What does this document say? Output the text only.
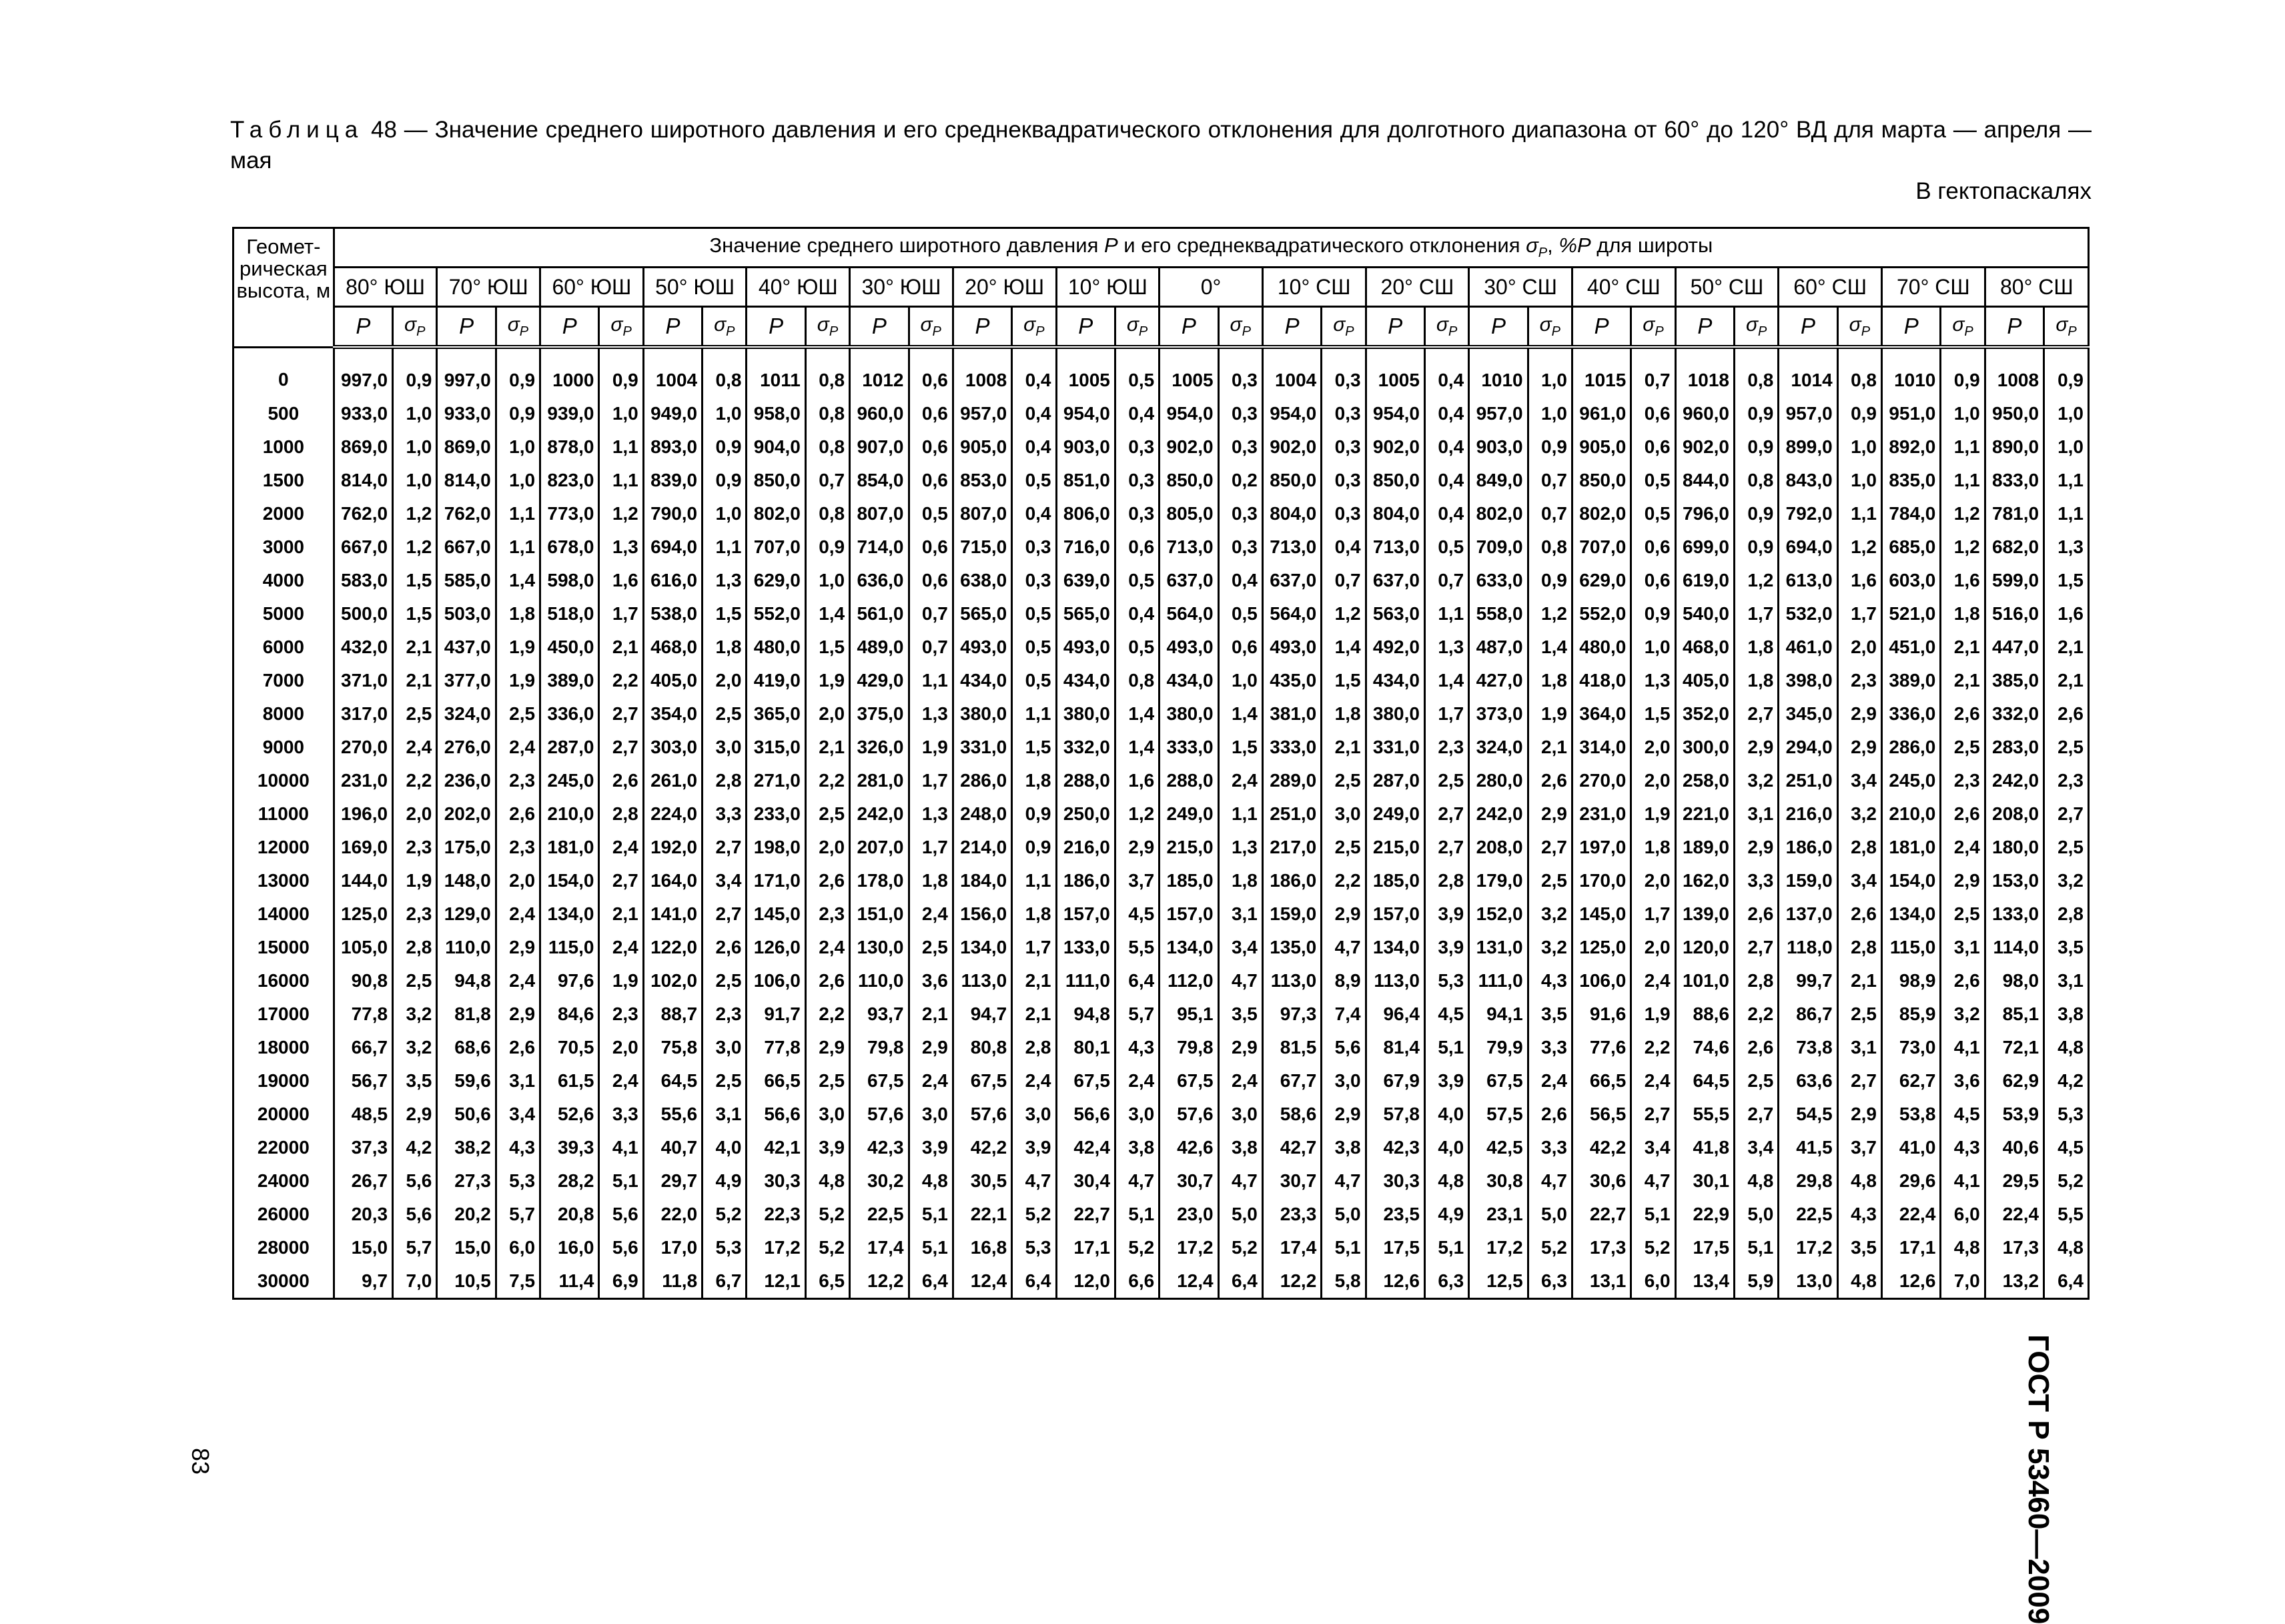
Таблица 48 — Значение среднего широтного давления и его среднеквадратического отклонения для долготного диапазона от 60° до 120° ВД для марта — апреля — мая
В гектопаскалях
Геомет-рическая высота, м	Значение среднего широтного давления P и его среднеквадратического отклонения $\sigma_P$, %P для широты																																	
	80° ЮШ		70° ЮШ		60° ЮШ		50° ЮШ		40° ЮШ		30° ЮШ		20° ЮШ		10° ЮШ		0°		10° СШ		20° СШ		30° СШ		40° СШ		50° СШ		60° СШ		70° СШ		80° СШ	
	P	$\sigma_P$	P	$\sigma_P$	P	$\sigma_P$	P	$\sigma_P$	P	$\sigma_P$	P	$\sigma_P$	P	$\sigma_P$	P	$\sigma_P$	P	$\sigma_P$	P	$\sigma_P$	P	$\sigma_P$	P	$\sigma_P$	P	$\sigma_P$	P	$\sigma_P$	P	$\sigma_P$	P	$\sigma_P$	P	$\sigma_P$
0	997,0	0,9	997,0	0,9	1000	0,9	1004	0,8	1011	0,8	1012	0,6	1008	0,4	1005	0,5	1005	0,3	1004	0,3	1005	0,4	1010	1,0	1015	0,7	1018	0,8	1014	0,8	1010	0,9	1008	0,9
500	933,0	1,0	933,0	0,9	939,0	1,0	949,0	1,0	958,0	0,8	960,0	0,6	957,0	0,4	954,0	0,4	954,0	0,3	954,0	0,3	954,0	0,4	957,0	1,0	961,0	0,6	960,0	0,9	957,0	0,9	951,0	1,0	950,0	1,0
1000	869,0	1,0	869,0	1,0	878,0	1,1	893,0	0,9	904,0	0,8	907,0	0,6	905,0	0,4	903,0	0,3	902,0	0,3	902,0	0,3	902,0	0,4	903,0	0,9	905,0	0,6	902,0	0,9	899,0	1,0	892,0	1,1	890,0	1,0
1500	814,0	1,0	814,0	1,0	823,0	1,1	839,0	0,9	850,0	0,7	854,0	0,6	853,0	0,5	851,0	0,3	850,0	0,2	850,0	0,3	850,0	0,4	849,0	0,7	850,0	0,5	844,0	0,8	843,0	1,0	835,0	1,1	833,0	1,1
2000	762,0	1,2	762,0	1,1	773,0	1,2	790,0	1,0	802,0	0,8	807,0	0,5	807,0	0,4	806,0	0,3	805,0	0,3	804,0	0,3	804,0	0,4	802,0	0,7	802,0	0,5	796,0	0,9	792,0	1,1	784,0	1,2	781,0	1,1
3000	667,0	1,2	667,0	1,1	678,0	1,3	694,0	1,1	707,0	0,9	714,0	0,6	715,0	0,3	716,0	0,6	713,0	0,3	713,0	0,4	713,0	0,5	709,0	0,8	707,0	0,6	699,0	0,9	694,0	1,2	685,0	1,2	682,0	1,3
4000	583,0	1,5	585,0	1,4	598,0	1,6	616,0	1,3	629,0	1,0	636,0	0,6	638,0	0,3	639,0	0,5	637,0	0,4	637,0	0,7	637,0	0,7	633,0	0,9	629,0	0,6	619,0	1,2	613,0	1,6	603,0	1,6	599,0	1,5
5000	500,0	1,5	503,0	1,8	518,0	1,7	538,0	1,5	552,0	1,4	561,0	0,7	565,0	0,5	565,0	0,4	564,0	0,5	564,0	1,2	563,0	1,1	558,0	1,2	552,0	0,9	540,0	1,7	532,0	1,7	521,0	1,8	516,0	1,6
6000	432,0	2,1	437,0	1,9	450,0	2,1	468,0	1,8	480,0	1,5	489,0	0,7	493,0	0,5	493,0	0,5	493,0	0,6	493,0	1,4	492,0	1,3	487,0	1,4	480,0	1,0	468,0	1,8	461,0	2,0	451,0	2,1	447,0	2,1
7000	371,0	2,1	377,0	1,9	389,0	2,2	405,0	2,0	419,0	1,9	429,0	1,1	434,0	0,5	434,0	0,8	434,0	1,0	435,0	1,5	434,0	1,4	427,0	1,8	418,0	1,3	405,0	1,8	398,0	2,3	389,0	2,1	385,0	2,1
8000	317,0	2,5	324,0	2,5	336,0	2,7	354,0	2,5	365,0	2,0	375,0	1,3	380,0	1,1	380,0	1,4	380,0	1,4	381,0	1,8	380,0	1,7	373,0	1,9	364,0	1,5	352,0	2,7	345,0	2,9	336,0	2,6	332,0	2,6
9000	270,0	2,4	276,0	2,4	287,0	2,7	303,0	3,0	315,0	2,1	326,0	1,9	331,0	1,5	332,0	1,4	333,0	1,5	333,0	2,1	331,0	2,3	324,0	2,1	314,0	2,0	300,0	2,9	294,0	2,9	286,0	2,5	283,0	2,5
10000	231,0	2,2	236,0	2,3	245,0	2,6	261,0	2,8	271,0	2,2	281,0	1,7	286,0	1,8	288,0	1,6	288,0	2,4	289,0	2,5	287,0	2,5	280,0	2,6	270,0	2,0	258,0	3,2	251,0	3,4	245,0	2,3	242,0	2,3
11000	196,0	2,0	202,0	2,6	210,0	2,8	224,0	3,3	233,0	2,5	242,0	1,3	248,0	0,9	250,0	1,2	249,0	1,1	251,0	3,0	249,0	2,7	242,0	2,9	231,0	1,9	221,0	3,1	216,0	3,2	210,0	2,6	208,0	2,7
12000	169,0	2,3	175,0	2,3	181,0	2,4	192,0	2,7	198,0	2,0	207,0	1,7	214,0	0,9	216,0	2,9	215,0	1,3	217,0	2,5	215,0	2,7	208,0	2,7	197,0	1,8	189,0	2,9	186,0	2,8	181,0	2,4	180,0	2,5
13000	144,0	1,9	148,0	2,0	154,0	2,7	164,0	3,4	171,0	2,6	178,0	1,8	184,0	1,1	186,0	3,7	185,0	1,8	186,0	2,2	185,0	2,8	179,0	2,5	170,0	2,0	162,0	3,3	159,0	3,4	154,0	2,9	153,0	3,2
14000	125,0	2,3	129,0	2,4	134,0	2,1	141,0	2,7	145,0	2,3	151,0	2,4	156,0	1,8	157,0	4,5	157,0	3,1	159,0	2,9	157,0	3,9	152,0	3,2	145,0	1,7	139,0	2,6	137,0	2,6	134,0	2,5	133,0	2,8
15000	105,0	2,8	110,0	2,9	115,0	2,4	122,0	2,6	126,0	2,4	130,0	2,5	134,0	1,7	133,0	5,5	134,0	3,4	135,0	4,7	134,0	3,9	131,0	3,2	125,0	2,0	120,0	2,7	118,0	2,8	115,0	3,1	114,0	3,5
16000	90,8	2,5	94,8	2,4	97,6	1,9	102,0	2,5	106,0	2,6	110,0	3,6	113,0	2,1	111,0	6,4	112,0	4,7	113,0	8,9	113,0	5,3	111,0	4,3	106,0	2,4	101,0	2,8	99,7	2,1	98,9	2,6	98,0	3,1
17000	77,8	3,2	81,8	2,9	84,6	2,3	88,7	2,3	91,7	2,2	93,7	2,1	94,7	2,1	94,8	5,7	95,1	3,5	97,3	7,4	96,4	4,5	94,1	3,5	91,6	1,9	88,6	2,2	86,7	2,5	85,9	3,2	85,1	3,8
18000	66,7	3,2	68,6	2,6	70,5	2,0	75,8	3,0	77,8	2,9	79,8	2,9	80,8	2,8	80,1	4,3	79,8	2,9	81,5	5,6	81,4	5,1	79,9	3,3	77,6	2,2	74,6	2,6	73,8	3,1	73,0	4,1	72,1	4,8
19000	56,7	3,5	59,6	3,1	61,5	2,4	64,5	2,5	66,5	2,5	67,5	2,4	67,5	2,4	67,5	2,4	67,5	2,4	67,7	3,0	67,9	3,9	67,5	2,4	66,5	2,4	64,5	2,5	63,6	2,7	62,7	3,6	62,9	4,2
20000	48,5	2,9	50,6	3,4	52,6	3,3	55,6	3,1	56,6	3,0	57,6	3,0	57,6	3,0	56,6	3,0	57,6	3,0	58,6	2,9	57,8	4,0	57,5	2,6	56,5	2,7	55,5	2,7	54,5	2,9	53,8	4,5	53,9	5,3
22000	37,3	4,2	38,2	4,3	39,3	4,1	40,7	4,0	42,1	3,9	42,3	3,9	42,2	3,9	42,4	3,8	42,6	3,8	42,7	3,8	42,3	4,0	42,5	3,3	42,2	3,4	41,8	3,4	41,5	3,7	41,0	4,3	40,6	4,5
24000	26,7	5,6	27,3	5,3	28,2	5,1	29,7	4,9	30,3	4,8	30,2	4,8	30,5	4,7	30,4	4,7	30,7	4,7	30,7	4,7	30,3	4,8	30,8	4,7	30,6	4,7	30,1	4,8	29,8	4,8	29,6	4,1	29,5	5,2
26000	20,3	5,6	20,2	5,7	20,8	5,6	22,0	5,2	22,3	5,2	22,5	5,1	22,1	5,2	22,7	5,1	23,0	5,0	23,3	5,0	23,5	4,9	23,1	5,0	22,7	5,1	22,9	5,0	22,5	4,3	22,4	6,0	22,4	5,5
28000	15,0	5,7	15,0	6,0	16,0	5,6	17,0	5,3	17,2	5,2	17,4	5,1	16,8	5,3	17,1	5,2	17,2	5,2	17,4	5,1	17,5	5,1	17,2	5,2	17,3	5,2	17,5	5,1	17,2	3,5	17,1	4,8	17,3	4,8
30000	9,7	7,0	10,5	7,5	11,4	6,9	11,8	6,7	12,1	6,5	12,2	6,4	12,4	6,4	12,0	6,6	12,4	6,4	12,2	5,8	12,6	6,3	12,5	6,3	13,1	6,0	13,4	5,9	13,0	4,8	12,6	7,0	13,2	6,4
83	ГОСТ Р 53460—2009
